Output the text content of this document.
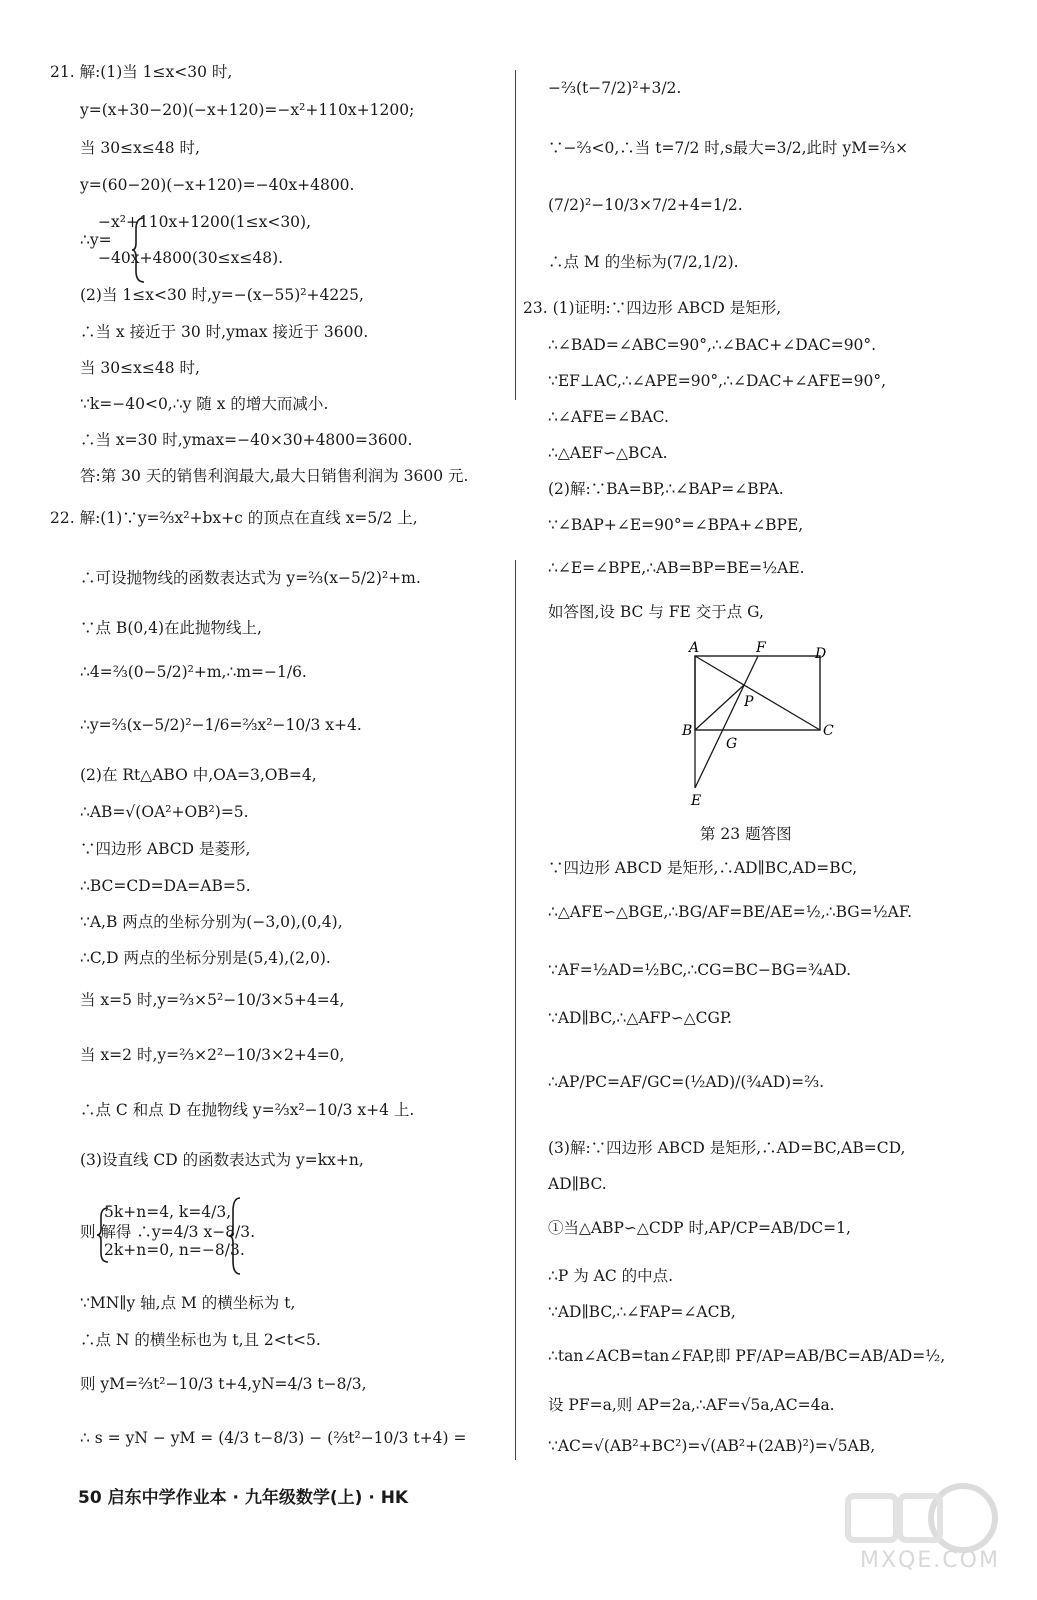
21. 解:(1)当 1≤x<30 时,
y=(x+30−20)(−x+120)=−x²+110x+1200;
当 30≤x≤48 时,
y=(60−20)(−x+120)=−40x+4800.
−x²+110x+1200(1≤x<30),
∴y=
−40x+4800(30≤x≤48).
(2)当 1≤x<30 时,y=−(x−55)²+4225,
∴当 x 接近于 30 时,ymax 接近于 3600.
当 30≤x≤48 时,
∵k=−40<0,∴y 随 x 的增大而减小.
∴当 x=30 时,ymax=−40×30+4800=3600.
答:第 30 天的销售利润最大,最大日销售利润为 3600 元.
22. 解:(1)∵y=⅔x²+bx+c 的顶点在直线 x=5/2 上,
∴可设抛物线的函数表达式为 y=⅔(x−5/2)²+m.
∵点 B(0,4)在此抛物线上,
∴4=⅔(0−5/2)²+m,∴m=−1/6.
∴y=⅔(x−5/2)²−1/6=⅔x²−10/3 x+4.
(2)在 Rt△ABO 中,OA=3,OB=4,
∴AB=√(OA²+OB²)=5.
∵四边形 ABCD 是菱形,
∴BC=CD=DA=AB=5.
∵A,B 两点的坐标分别为(−3,0),(0,4),
∴C,D 两点的坐标分别是(5,4),(2,0).
当 x=5 时,y=⅔×5²−10/3×5+4=4,
当 x=2 时,y=⅔×2²−10/3×2+4=0,
∴点 C 和点 D 在抛物线 y=⅔x²−10/3 x+4 上.
(3)设直线 CD 的函数表达式为 y=kx+n,
5k+n=4, k=4/3,
则 解得 ∴y=4/3 x−8/3.
2k+n=0, n=−8/3.
∵MN∥y 轴,点 M 的横坐标为 t,
∴点 N 的横坐标也为 t,且 2<t<5.
则 yM=⅔t²−10/3 t+4,yN=4/3 t−8/3,
∴ s = yN − yM = (4/3 t−8/3) − (⅔t²−10/3 t+4) =
−⅔(t−7/2)²+3/2.
∵−⅔<0,∴当 t=7/2 时,s最大=3/2,此时 yM=⅔×
(7/2)²−10/3×7/2+4=1/2.
∴点 M 的坐标为(7/2,1/2).
23. (1)证明:∵四边形 ABCD 是矩形,
∴∠BAD=∠ABC=90°,∴∠BAC+∠DAC=90°.
∵EF⊥AC,∴∠APE=90°,∴∠DAC+∠AFE=90°,
∴∠AFE=∠BAC.
∴△AEF∽△BCA.
(2)解:∵BA=BP,∴∠BAP=∠BPA.
∵∠BAP+∠E=90°=∠BPA+∠BPE,
∴∠E=∠BPE,∴AB=BP=BE=½AE.
如答图,设 BC 与 FE 交于点 G,
∵四边形 ABCD 是矩形,∴AD∥BC,AD=BC,
∴△AFE∽△BGE,∴BG/AF=BE/AE=½,∴BG=½AF.
∵AF=½AD=½BC,∴CG=BC−BG=¾AD.
∵AD∥BC,∴△AFP∽△CGP.
∴AP/PC=AF/GC=(½AD)/(¾AD)=⅔.
(3)解:∵四边形 ABCD 是矩形,∴AD=BC,AB=CD,
AD∥BC.
①当△ABP∽△CDP 时,AP/CP=AB/DC=1,
∴P 为 AC 的中点.
∵AD∥BC,∴∠FAP=∠ACB,
∴tan∠ACB=tan∠FAP,即 PF/AP=AB/BC=AB/AD=½,
设 PF=a,则 AP=2a,∴AF=√5a,AC=4a.
∵AC=√(AB²+BC²)=√(AB²+(2AB)²)=√5AB,
A	F	D
B	C
P
G
E
第 23 题答图
50 启东中学作业本 · 九年级数学(上) · HK
MXQE.COM
